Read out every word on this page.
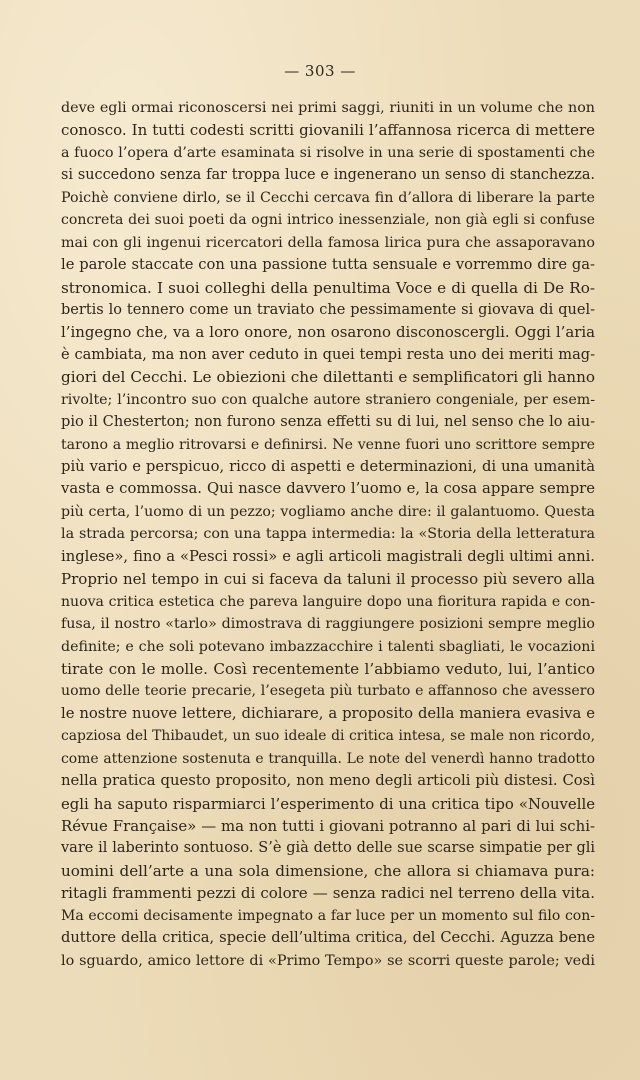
— 303 —
deve egli ormai riconoscersi nei primi saggi, riuniti in un volume che non
conosco. In tutti codesti scritti giovanili l’affannosa ricerca di mettere
a fuoco l’opera d’arte esaminata si risolve in una serie di spostamenti che
si succedono senza far troppa luce e ingenerano un senso di stanchezza.
Poichè conviene dirlo, se il Cecchi cercava fin d’allora di liberare la parte
concreta dei suoi poeti da ogni intrico inessenziale, non già egli si confuse
mai con gli ingenui ricercatori della famosa lirica pura che assaporavano
le parole staccate con una passione tutta sensuale e vorremmo dire ga-
stronomica. I suoi colleghi della penultima Voce e di quella di De Ro-
bertis lo tennero come un traviato che pessimamente si giovava di quel-
l’ingegno che, va a loro onore, non osarono disconoscergli. Oggi l’aria
è cambiata, ma non aver ceduto in quei tempi resta uno dei meriti mag-
giori del Cecchi. Le obiezioni che dilettanti e semplificatori gli hanno
rivolte; l’incontro suo con qualche autore straniero congeniale, per esem-
pio il Chesterton; non furono senza effetti su di lui, nel senso che lo aiu-
tarono a meglio ritrovarsi e definirsi. Ne venne fuori uno scrittore sempre
più vario e perspicuo, ricco di aspetti e determinazioni, di una umanità
vasta e commossa. Qui nasce davvero l’uomo e, la cosa appare sempre
più certa, l’uomo di un pezzo; vogliamo anche dire: il galantuomo. Questa
la strada percorsa; con una tappa intermedia: la «Storia della letteratura
inglese», fino a «Pesci rossi» e agli articoli magistrali degli ultimi anni.
Proprio nel tempo in cui si faceva da taluni il processo più severo alla
nuova critica estetica che pareva languire dopo una fioritura rapida e con-
fusa, il nostro «tarlo» dimostrava di raggiungere posizioni sempre meglio
definite; e che soli potevano imbazzacchire i talenti sbagliati, le vocazioni
tirate con le molle. Così recentemente l’abbiamo veduto, lui, l’antico
uomo delle teorie precarie, l’esegeta più turbato e affannoso che avessero
le nostre nuove lettere, dichiarare, a proposito della maniera evasiva e
capziosa del Thibaudet, un suo ideale di critica intesa, se male non ricordo,
come attenzione sostenuta e tranquilla. Le note del venerdì hanno tradotto
nella pratica questo proposito, non meno degli articoli più distesi. Così
egli ha saputo risparmiarci l’esperimento di una critica tipo «Nouvelle
Révue Française» — ma non tutti i giovani potranno al pari di lui schi-
vare il laberinto sontuoso. S’è già detto delle sue scarse simpatie per gli
uomini dell’arte a una sola dimensione, che allora si chiamava pura:
ritagli frammenti pezzi di colore — senza radici nel terreno della vita.
Ma eccomi decisamente impegnato a far luce per un momento sul filo con-
duttore della critica, specie dell’ultima critica, del Cecchi. Aguzza bene
lo sguardo, amico lettore di «Primo Tempo» se scorri queste parole; vedi
